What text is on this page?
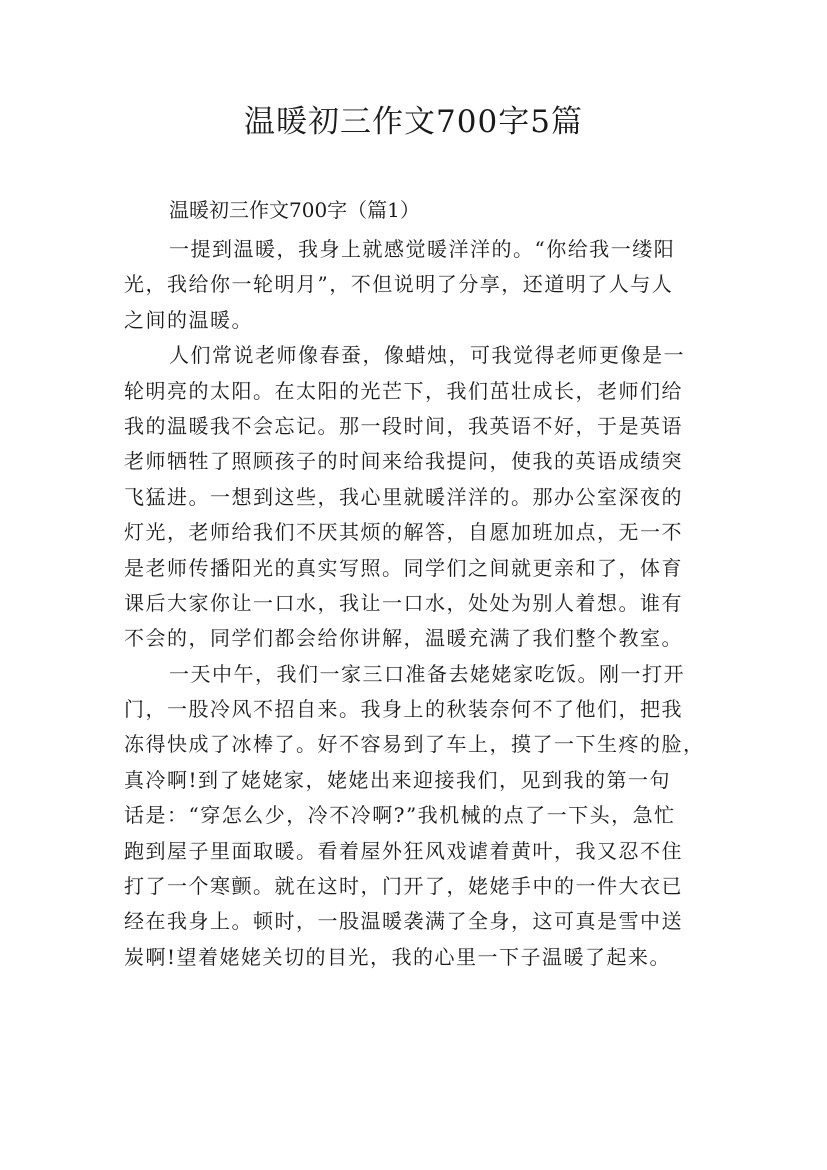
温暖初三作文700字5篇

温暖初三作文700字（篇1）

一提到温暖，我身上就感觉暖洋洋的。“你给我一缕阳
光，我给你一轮明月”，不但说明了分享，还道明了人与人
之间的温暖。
人们常说老师像春蚕，像蜡烛，可我觉得老师更像是一
轮明亮的太阳。在太阳的光芒下，我们茁壮成长，老师们给
我的温暖我不会忘记。那一段时间，我英语不好，于是英语
老师牺牲了照顾孩子的时间来给我提问，使我的英语成绩突
飞猛进。一想到这些，我心里就暖洋洋的。那办公室深夜的
灯光，老师给我们不厌其烦的解答，自愿加班加点，无一不
是老师传播阳光的真实写照。同学们之间就更亲和了，体育
课后大家你让一口水，我让一口水，处处为别人着想。谁有
不会的，同学们都会给你讲解，温暖充满了我们整个教室。
一天中午，我们一家三口准备去姥姥家吃饭。刚一打开
门，一股冷风不招自来。我身上的秋装奈何不了他们，把我
冻得快成了冰棒了。好不容易到了车上，摸了一下生疼的脸，
真冷啊!到了姥姥家，姥姥出来迎接我们，见到我的第一句
话是：“穿怎么少，冷不冷啊?”我机械的点了一下头，急忙
跑到屋子里面取暖。看着屋外狂风戏谑着黄叶，我又忍不住
打了一个寒颤。就在这时，门开了，姥姥手中的一件大衣已
经在我身上。顿时，一股温暖袭满了全身，这可真是雪中送
炭啊!望着姥姥关切的目光，我的心里一下子温暖了起来。
